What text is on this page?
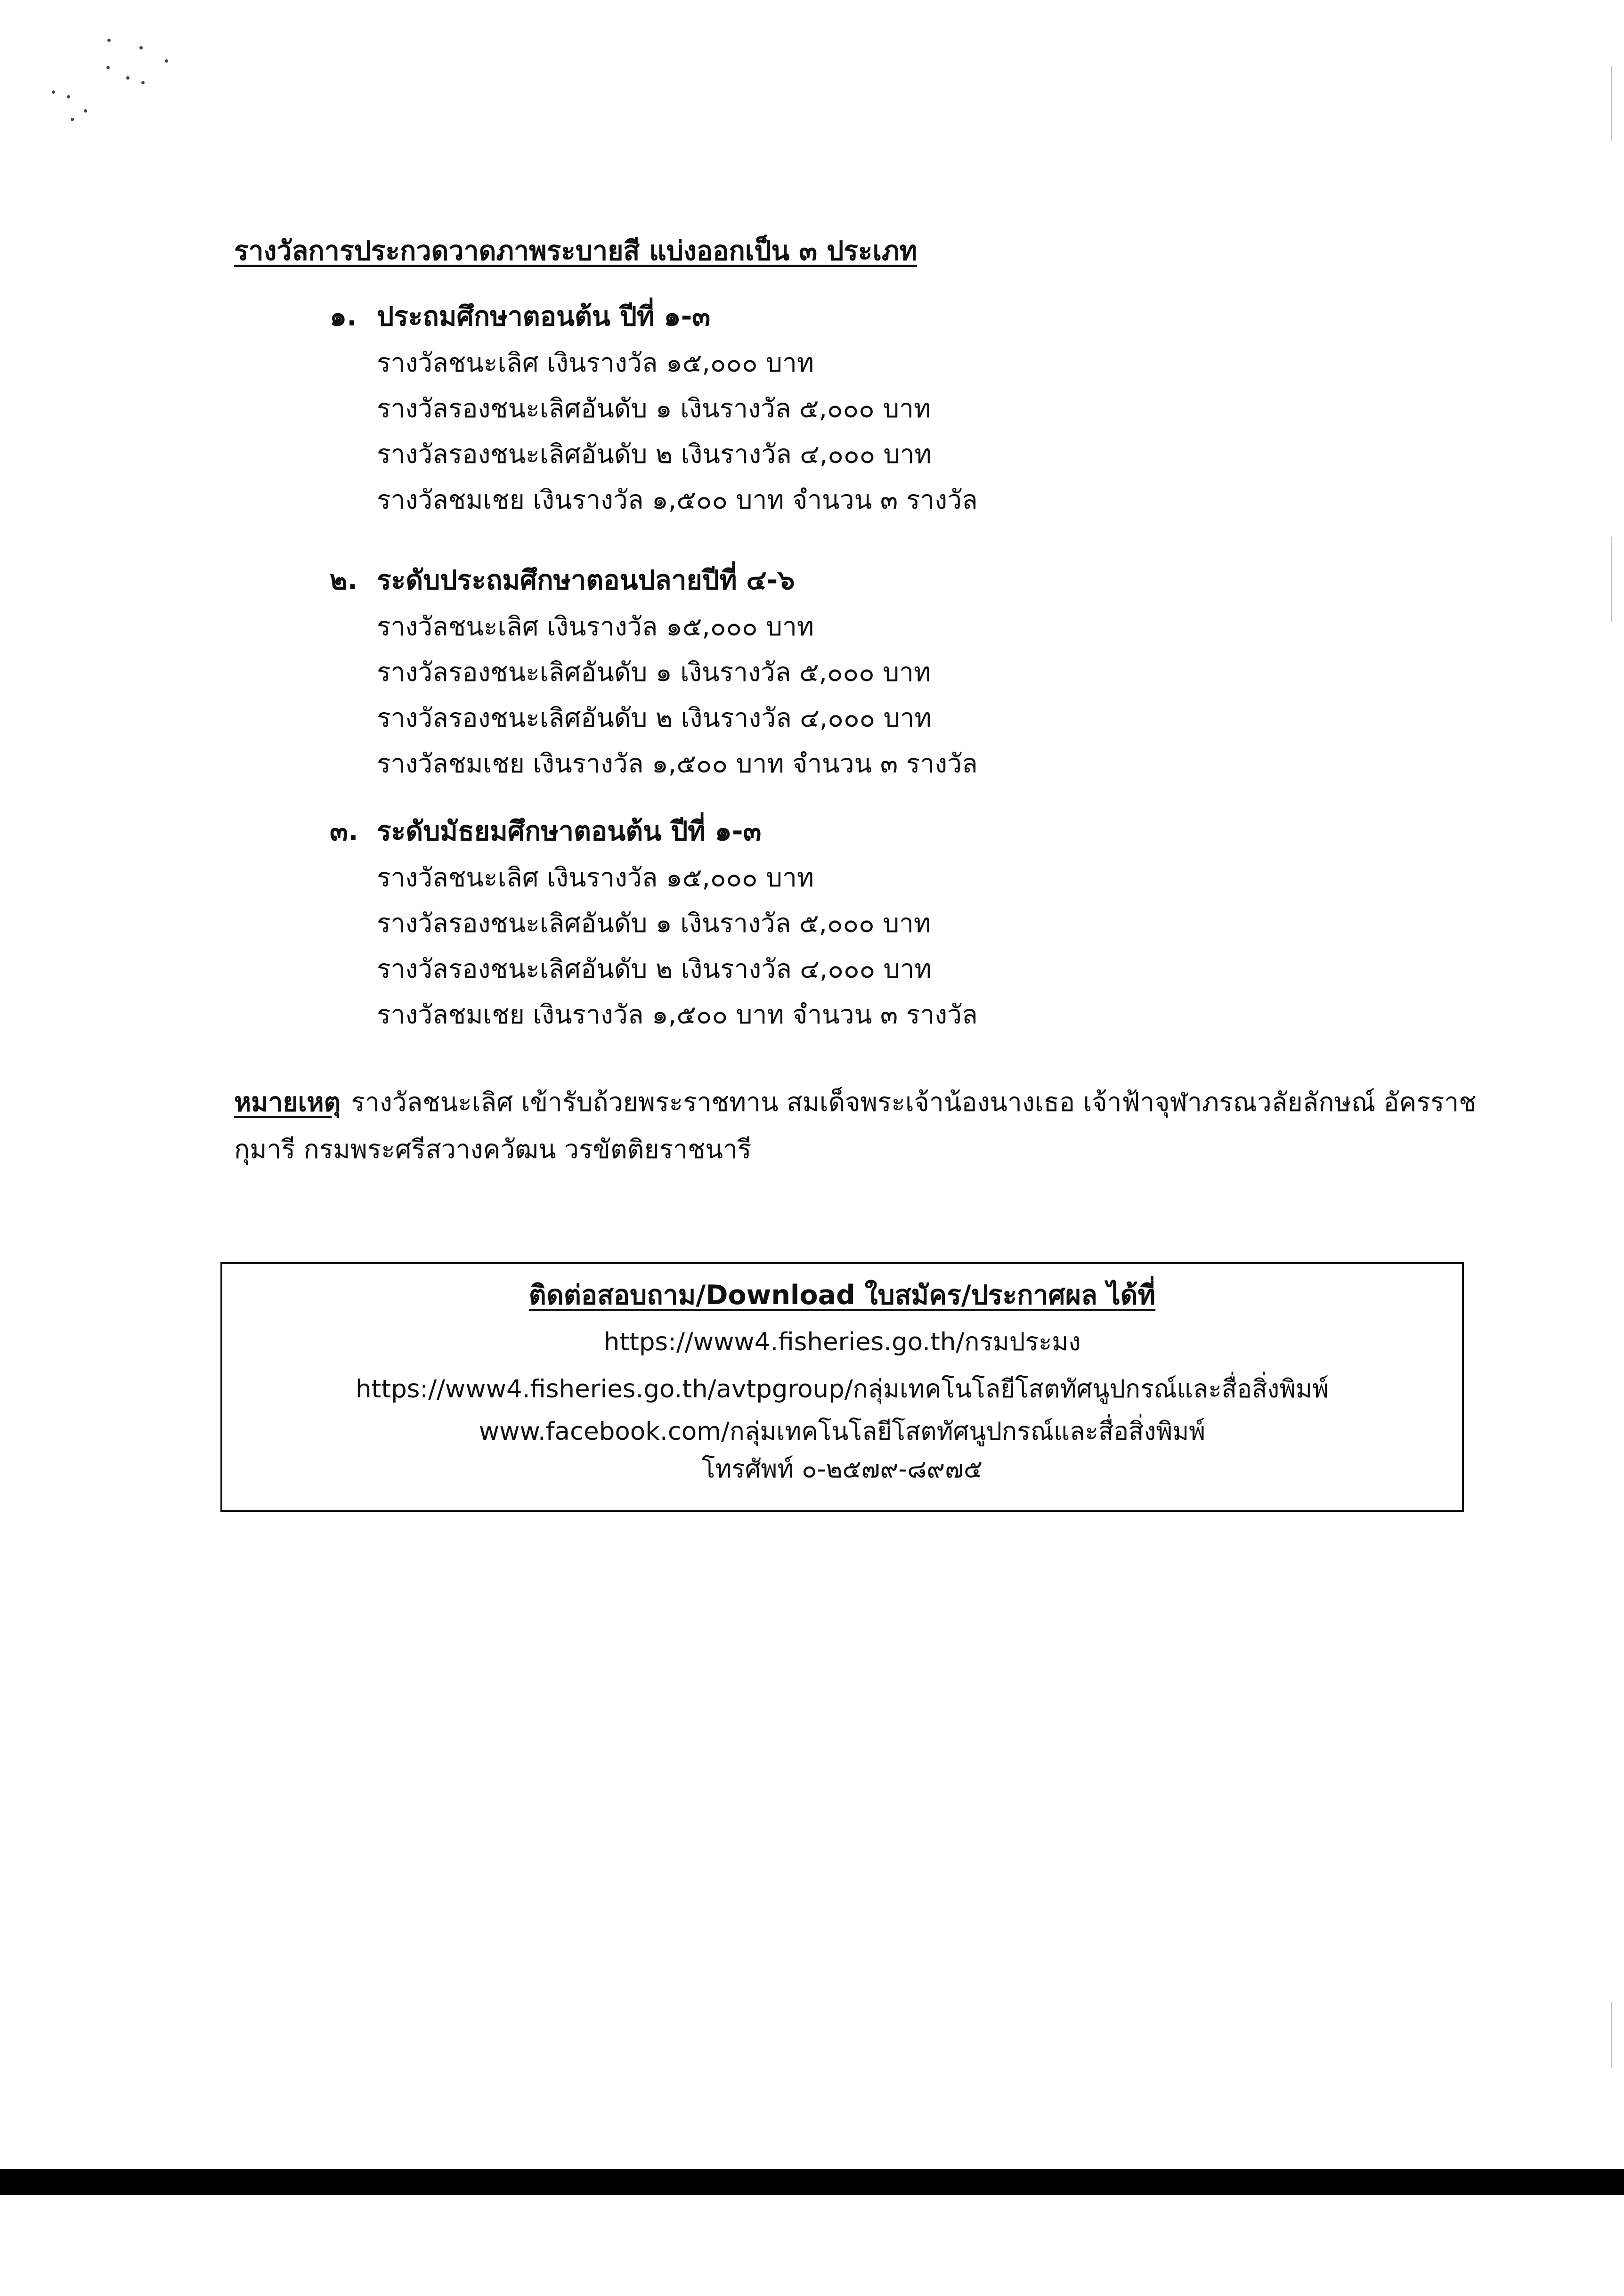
รางวัลการประกวดวาดภาพระบายสี แบ่งออกเป็น ๓ ประเภท
๑. ประถมศึกษาตอนต้น ปีที่ ๑-๓
รางวัลชนะเลิศ เงินรางวัล ๑๕,๐๐๐ บาท
รางวัลรองชนะเลิศอันดับ ๑ เงินรางวัล ๕,๐๐๐ บาท
รางวัลรองชนะเลิศอันดับ ๒ เงินรางวัล ๔,๐๐๐ บาท
รางวัลชมเชย เงินรางวัล ๑,๕๐๐ บาท จำนวน ๓ รางวัล
๒. ระดับประถมศึกษาตอนปลายปีที่ ๔-๖
รางวัลชนะเลิศ เงินรางวัล ๑๕,๐๐๐ บาท
รางวัลรองชนะเลิศอันดับ ๑ เงินรางวัล ๕,๐๐๐ บาท
รางวัลรองชนะเลิศอันดับ ๒ เงินรางวัล ๔,๐๐๐ บาท
รางวัลชมเชย เงินรางวัล ๑,๕๐๐ บาท จำนวน ๓ รางวัล
๓. ระดับมัธยมศึกษาตอนต้น ปีที่ ๑-๓
รางวัลชนะเลิศ เงินรางวัล ๑๕,๐๐๐ บาท
รางวัลรองชนะเลิศอันดับ ๑ เงินรางวัล ๕,๐๐๐ บาท
รางวัลรองชนะเลิศอันดับ ๒ เงินรางวัล ๔,๐๐๐ บาท
รางวัลชมเชย เงินรางวัล ๑,๕๐๐ บาท จำนวน ๓ รางวัล
หมายเหตุ รางวัลชนะเลิศ เข้ารับถ้วยพระราชทาน สมเด็จพระเจ้าน้องนางเธอ เจ้าฟ้าจุฬาภรณวลัยลักษณ์ อัครราชกุมารี กรมพระศรีสวางควัฒน วรขัตติยราชนารี
ติดต่อสอบถาม/Download ใบสมัคร/ประกาศผล ได้ที่
https://www4.fisheries.go.th/กรมประมง
https://www4.fisheries.go.th/avtpgroup/กลุ่มเทคโนโลยีโสตทัศนูปกรณ์และสื่อสิ่งพิมพ์
www.facebook.com/กลุ่มเทคโนโลยีโสตทัศนูปกรณ์และสื่อสิ่งพิมพ์
โทรศัพท์ ๐-๒๕๗๙-๘๙๗๕
